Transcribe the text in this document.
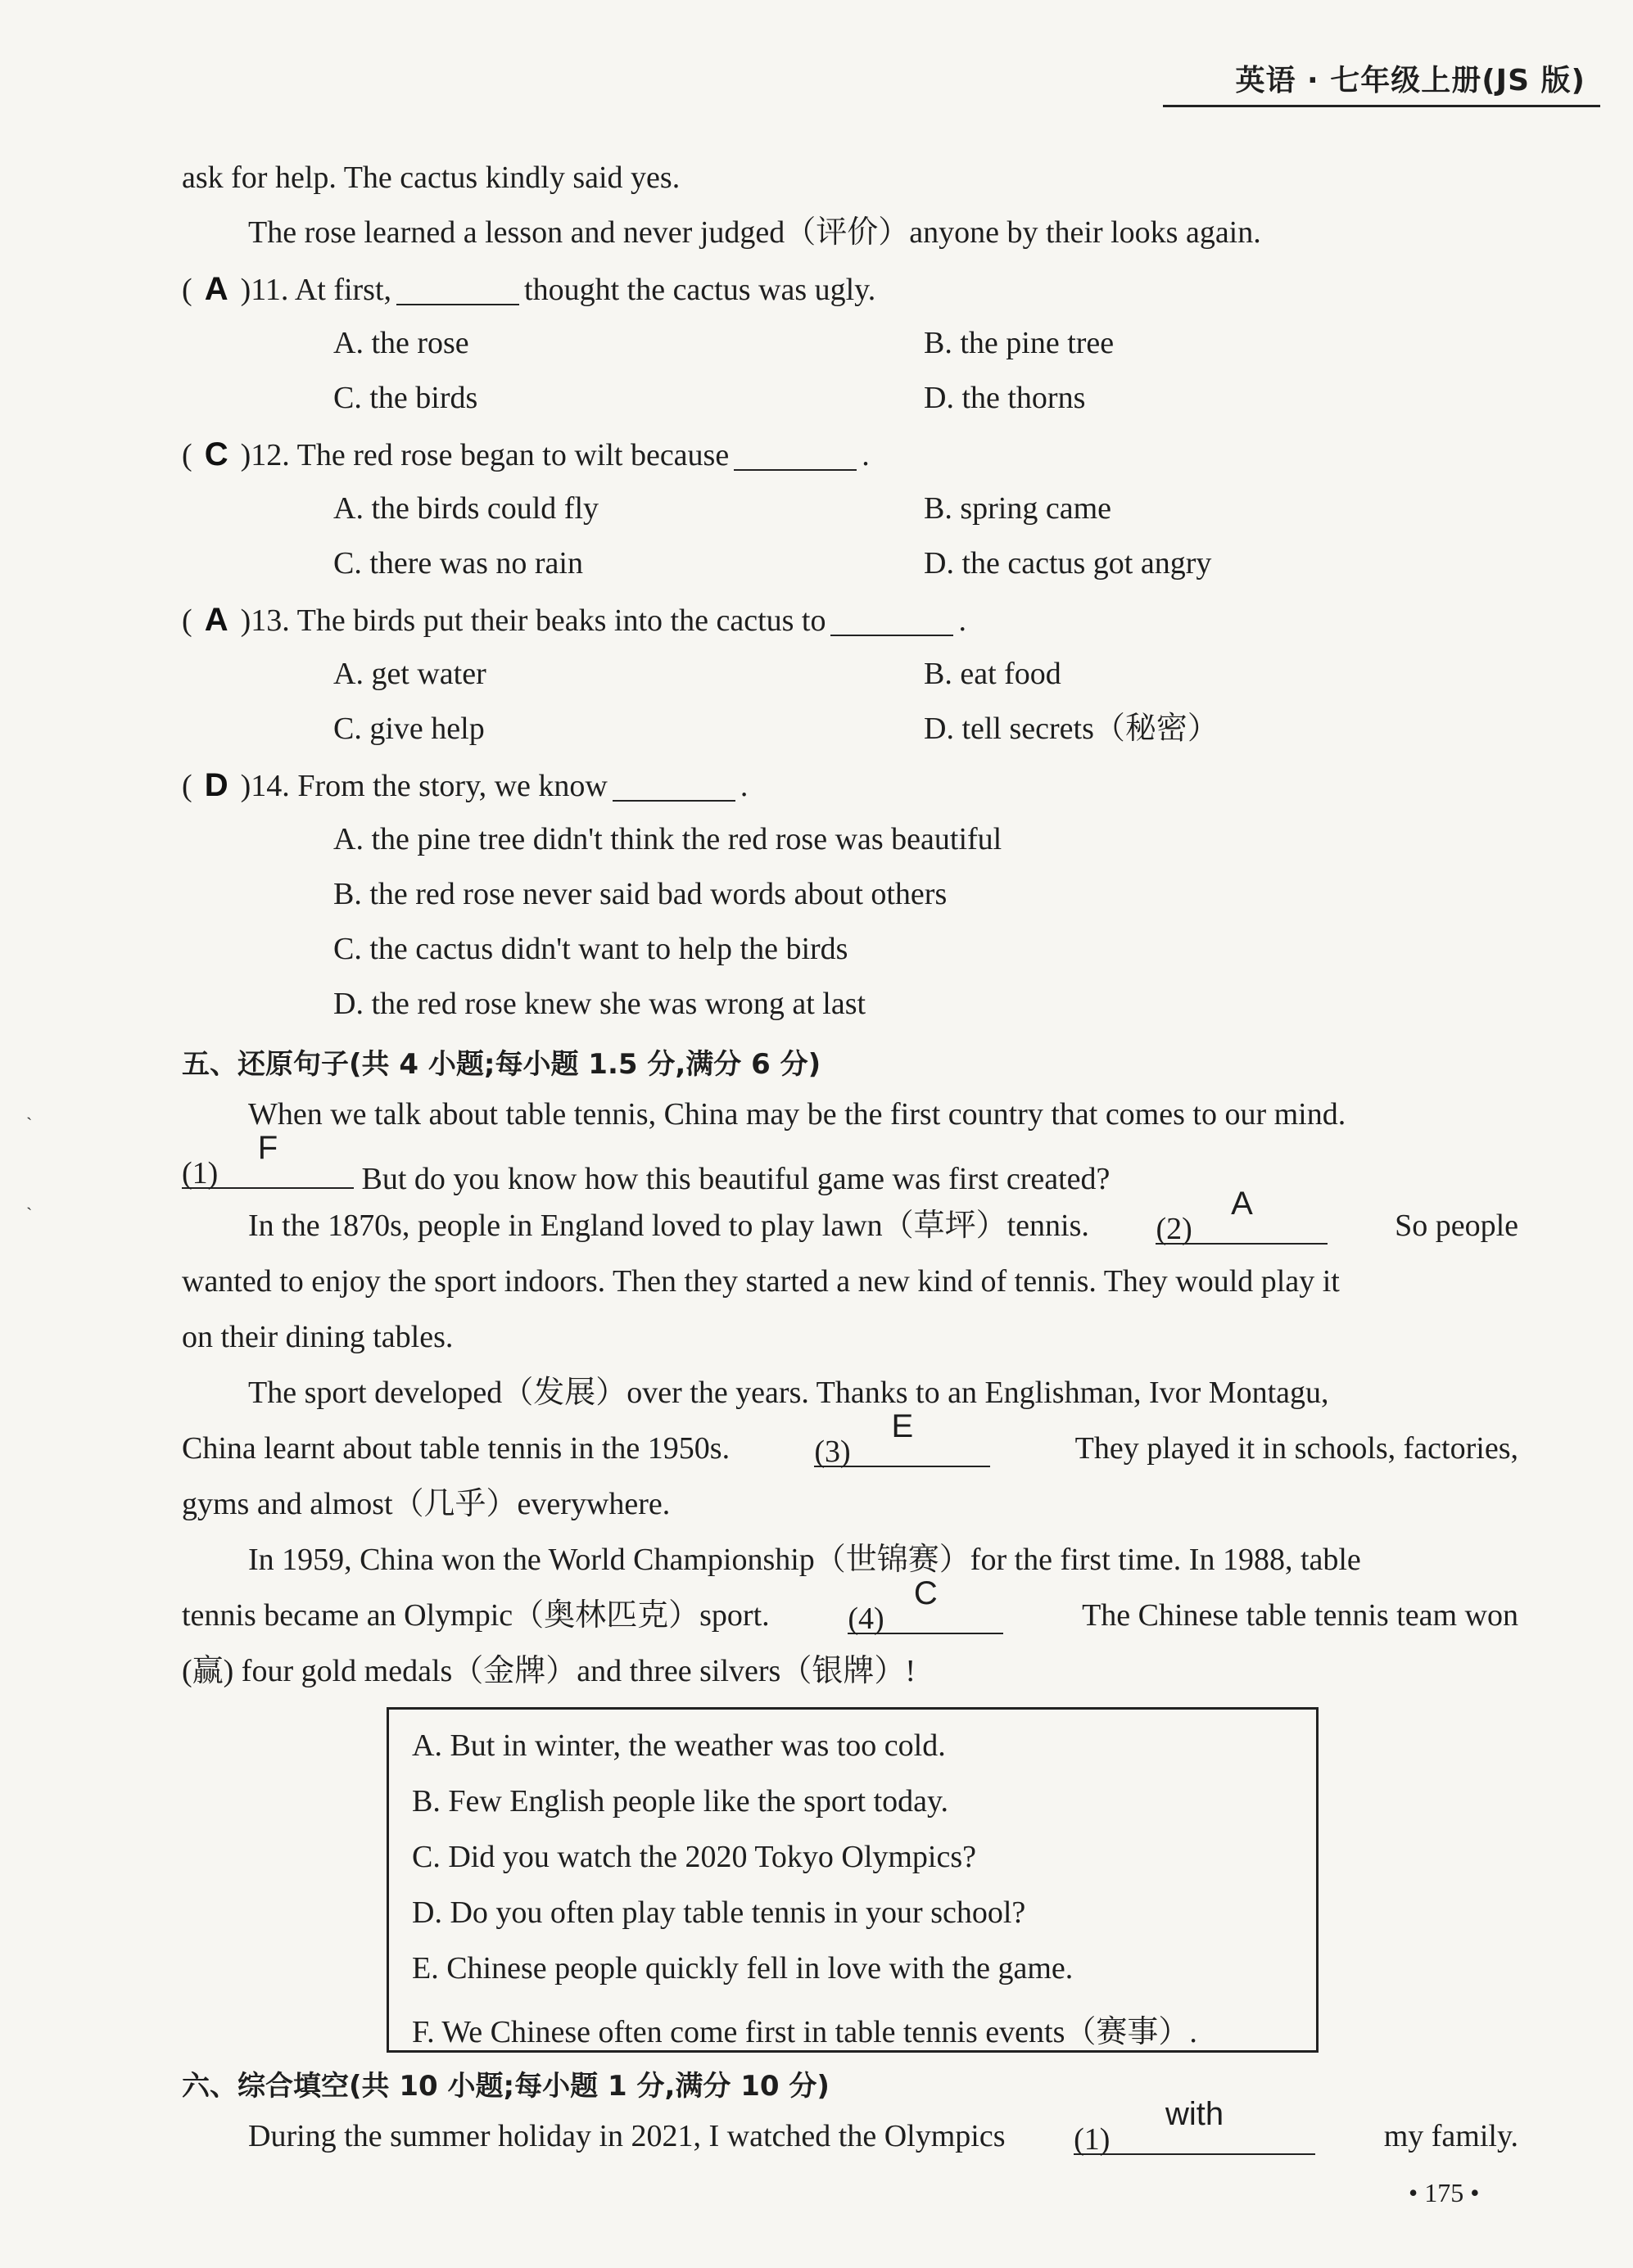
英语 · 七年级上册(JS 版)
ask for help. The cactus kindly said yes.
The rose learned a lesson and never judged（评价）anyone by their looks again.
( A )11. At first,	thought the cactus was ugly.
A. the rose	B. the pine tree
C. the birds	D. the thorns
( C )12. The red rose began to wilt because	.
A. the birds could fly	B. spring came
C. there was no rain	D. the cactus got angry
( A )13. The birds put their beaks into the cactus to	.
A. get water	B. eat food
C. give help	D. tell secrets（秘密）
( D )14. From the story, we know	.
A. the pine tree didn't think the red rose was beautiful
B. the red rose never said bad words about others
C. the cactus didn't want to help the birds
D. the red rose knew she was wrong at last
五、还原句子(共 4 小题;每小题 1.5 分,满分 6 分)
When we talk about table tennis, China may be the first country that comes to our mind.
(1)
F
But do you know how this beautiful game was first created?
In the 1870s, people in England loved to play lawn（草坪）tennis. (2)
A
So people
wanted to enjoy the sport indoors. Then they started a new kind of tennis. They would play it
on their dining tables.
The sport developed（发展）over the years. Thanks to an Englishman, Ivor Montagu,
China learnt about table tennis in the 1950s.	(3)
E
They played it in schools, factories,
gyms and almost（几乎）everywhere.
In 1959, China won the World Championship（世锦赛）for the first time. In 1988, table
tennis became an Olympic（奥林匹克）sport.	(4)
C
The Chinese table tennis team won
(赢) four gold medals（金牌）and three silvers（银牌）!
A. But in winter, the weather was too cold.
B. Few English people like the sport today.
C. Did you watch the 2020 Tokyo Olympics?
D. Do you often play table tennis in your school?
E. Chinese people quickly fell in love with the game.
F. We Chinese often come first in table tennis events（赛事）.
六、综合填空(共 10 小题;每小题 1 分,满分 10 分)
During the summer holiday in 2021, I watched the Olympics (1)
with
my family.
• 175 •
`
`
